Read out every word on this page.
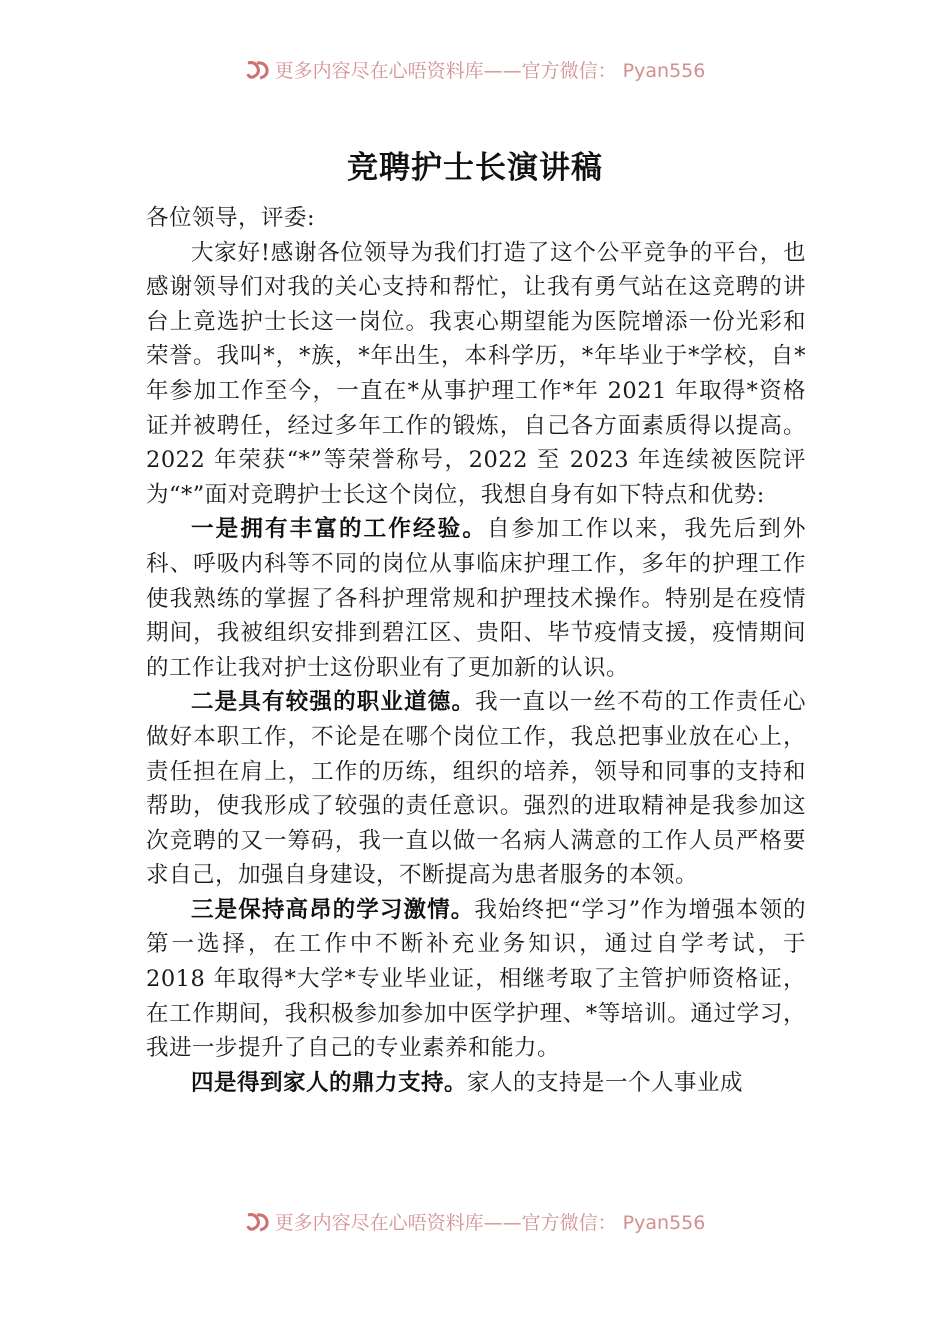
更多内容尽在心唔资料库——官方微信： Pyan556
竞聘护士长演讲稿

各位领导，评委:

大家好!感谢各位领导为我们打造了这个公平竞争的平台，也感谢领导们对我的关心支持和帮忙，让我有勇气站在这竞聘的讲台上竟选护士长这一岗位。我衷心期望能为医院增添一份光彩和荣誉。我叫*，*族，*年出生，本科学历，*年毕业于*学校，自*年参加工作至今，一直在*从事护理工作*年 2021 年取得*资格证并被聘任，经过多年工作的锻炼，自己各方面素质得以提高。2022 年荣获“*”等荣誉称号，2022 至 2023 年连续被医院评为“*”面对竞聘护士长这个岗位，我想自身有如下特点和优势:

一是拥有丰富的工作经验。自参加工作以来，我先后到外科、呼吸内科等不同的岗位从事临床护理工作，多年的护理工作使我熟练的掌握了各科护理常规和护理技术操作。特别是在疫情期间，我被组织安排到碧江区、贵阳、毕节疫情支援，疫情期间的工作让我对护士这份职业有了更加新的认识。

二是具有较强的职业道德。我一直以一丝不苟的工作责任心做好本职工作，不论是在哪个岗位工作，我总把事业放在心上，责任担在肩上，工作的历练，组织的培养，领导和同事的支持和帮助，使我形成了较强的责任意识。强烈的进取精神是我参加这次竞聘的又一筹码，我一直以做一名病人满意的工作人员严格要求自己，加强自身建设，不断提高为患者服务的本领。

三是保持高昂的学习激情。我始终把“学习”作为增强本领的第一选择，在工作中不断补充业务知识，通过自学考试，于 2018 年取得*大学*专业毕业证，相继考取了主管护师资格证，在工作期间，我积极参加参加中医学护理、*等培训。通过学习，我进一步提升了自己的专业素养和能力。

四是得到家人的鼎力支持。家人的支持是一个人事业成

更多内容尽在心唔资料库——官方微信： Pyan556
